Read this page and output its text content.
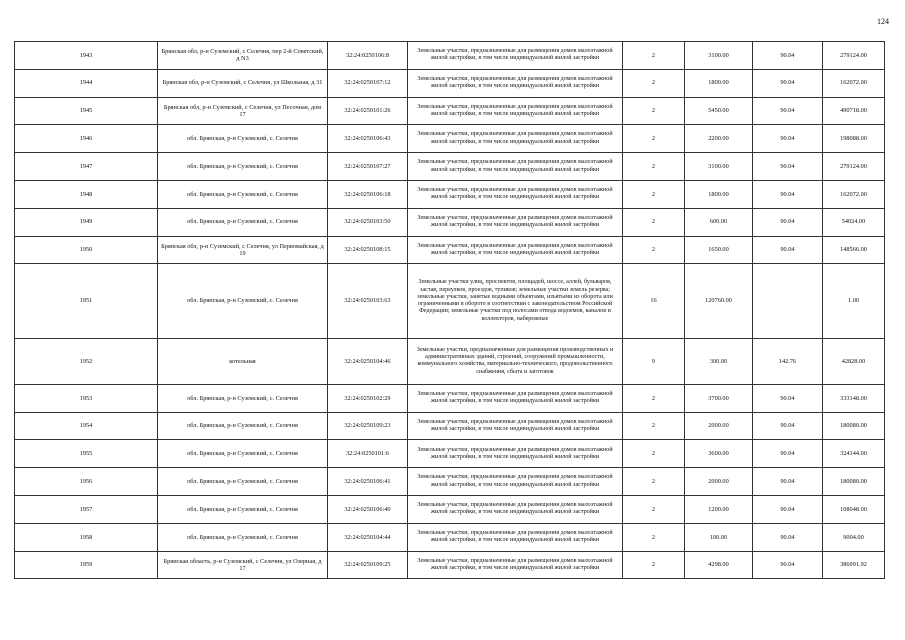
124
1943	Брянская обл, р-н Суземский, с Селечня, пер 2-й Советский, д N3	32:24:0250106:8	Земельные участки, предназначенные для размещения домов малоэтажной жилой застройки, в том числе индивидуальной жилой застройки	2	3100.00	90.04	279124.00
1944	Брянская обл, р-н Суземский, с Селечня, ул Школьная, д 31	32:24:0250107:12	Земельные участки, предназначенные для размещения домов малоэтажной жилой застройки, в том числе индивидуальной жилой застройки	2	1800.00	90.04	162072.00
1945	Брянская обл, р-н Суземский, с Селечня, ул Песочная, дом 17	32:24:0250101:26	Земельные участки, предназначенные для размещения домов малоэтажной жилой застройки, в том числе индивидуальной жилой застройки	2	5450.00	90.04	490718.00
1946	обл. Брянская, р-н Суземский, с. Селечня	32:24:0250106:43	Земельные участки, предназначенные для размещения домов малоэтажной жилой застройки, в том числе индивидуальной жилой застройки	2	2200.00	90.04	198088.00
1947	обл. Брянская, р-н Суземский, с. Селечня	32:24:0250107:27	Земельные участки, предназначенные для размещения домов малоэтажной жилой застройки, в том числе индивидуальной жилой застройки	2	3100.00	90.04	279124.00
1948	обл. Брянская, р-н Суземский, с. Селечня	32:24:0250106:18	Земельные участки, предназначенные для размещения домов малоэтажной жилой застройки, в том числе индивидуальной жилой застройки	2	1800.00	90.04	162072.00
1949	обл. Брянская, р-н Суземский, с. Селечня	32:24:0250103:50	Земельные участки, предназначенные для размещения домов малоэтажной жилой застройки, в том числе индивидуальной жилой застройки	2	600.00	90.04	54024.00
1950	Брянская обл, р-н Суземский, с Селечня, ул Первомайская, д 19	32:24:0250108:15	Земельные участки, предназначенные для размещения домов малоэтажной жилой застройки, в том числе индивидуальной жилой застройки	2	1650.00	90.04	148566.00
1951	обл. Брянская, р-н Суземский, с. Селечня	32:24:0250103:63	Земельные участки улиц, проспектов, площадей, шоссе, аллей, бульваров, застав, переулков, проездов, тупиков; земельные участки земель резерва; земельные участки, занятые водными объектами, изъятыми из оборота или ограниченными в обороте в соответствии с законодательством Российской Федерации; земельные участки под полосами отвода водоемов, каналов и коллекторов, набережные	16	120760.00		1.00
1952	котельная	32:24:0250104:46	Земельные участки, предназначенные для размещения производственных и административных зданий, строений, сооружений промышленности, коммунального хозяйства, материально-технического, продовольственного снабжения, сбыта и заготовок	9	300.00	142.76	42828.00
1953	обл. Брянская, р-н Суземский, с. Селечня	32:24:0250102:29	Земельные участки, предназначенные для размещения домов малоэтажной жилой застройки, в том числе индивидуальной жилой застройки	2	3700.00	90.04	333148.00
1954	обл. Брянская, р-н Суземский, с. Селечня	32:24:0250109:23	Земельные участки, предназначенные для размещения домов малоэтажной жилой застройки, в том числе индивидуальной жилой застройки	2	2000.00	90.04	180080.00
1955	обл. Брянская, р-н Суземский, с. Селечня	32:24:0250101:6	Земельные участки, предназначенные для размещения домов малоэтажной жилой застройки, в том числе индивидуальной жилой застройки	2	3600.00	90.04	324144.00
1956	обл. Брянская, р-н Суземский, с. Селечня	32:24:0250106:41	Земельные участки, предназначенные для размещения домов малоэтажной жилой застройки, в том числе индивидуальной жилой застройки	2	2000.00	90.04	180080.00
1957	обл. Брянская, р-н Суземский, с. Селечня	32:24:0250106:40	Земельные участки, предназначенные для размещения домов малоэтажной жилой застройки, в том числе индивидуальной жилой застройки	2	1200.00	90.04	108048.00
1958	обл. Брянская, р-н Суземский, с. Селечня	32:24:0250104:44	Земельные участки, предназначенные для размещения домов малоэтажной жилой застройки, в том числе индивидуальной жилой застройки	2	100.00	90.04	9004.00
1959	Брянская область, р-н Суземский, с Селечня, ул Озерная, д 17	32:24:0250109:25	Земельные участки, предназначенные для размещения домов малоэтажной жилой застройки, в том числе индивидуальной жилой застройки	2	4298.00	90.04	386991.92
